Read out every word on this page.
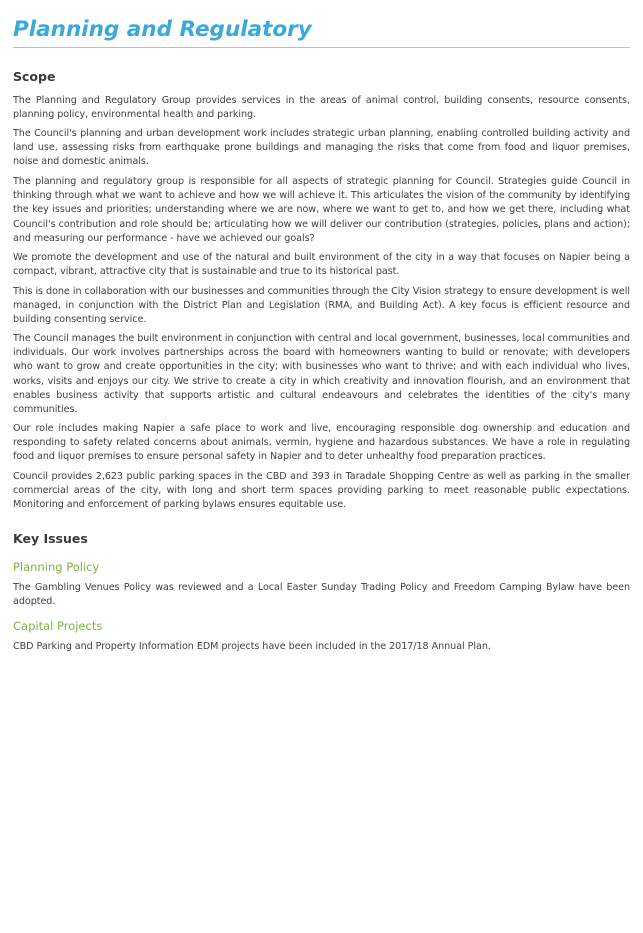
Planning and Regulatory
Scope

The Planning and Regulatory Group provides services in the areas of animal control, building consents, resource consents, planning policy, environmental health and parking.

The Council's planning and urban development work includes strategic urban planning, enabling controlled building activity and land use, assessing risks from earthquake prone buildings and managing the risks that come from food and liquor premises, noise and domestic animals.

The planning and regulatory group is responsible for all aspects of strategic planning for Council. Strategies guide Council in thinking through what we want to achieve and how we will achieve it. This articulates the vision of the community by identifying the key issues and priorities; understanding where we are now, where we want to get to, and how we get there, including what Council's contribution and role should be; articulating how we will deliver our contribution (strategies, policies, plans and action); and measuring our performance - have we achieved our goals?

We promote the development and use of the natural and built environment of the city in a way that focuses on Napier being a compact, vibrant, attractive city that is sustainable and true to its historical past.

This is done in collaboration with our businesses and communities through the City Vision strategy to ensure development is well managed, in conjunction with the District Plan and Legislation (RMA, and Building Act). A key focus is efficient resource and building consenting service.

The Council manages the built environment in conjunction with central and local government, businesses, local communities and individuals. Our work involves partnerships across the board with homeowners wanting to build or renovate; with developers who want to grow and create opportunities in the city; with businesses who want to thrive; and with each individual who lives, works, visits and enjoys our city. We strive to create a city in which creativity and innovation flourish, and an environment that enables business activity that supports artistic and cultural endeavours and celebrates the identities of the city's many communities.

Our role includes making Napier a safe place to work and live, encouraging responsible dog ownership and education and responding to safety related concerns about animals, vermin, hygiene and hazardous substances. We have a role in regulating food and liquor premises to ensure personal safety in Napier and to deter unhealthy food preparation practices.

Council provides 2,623 public parking spaces in the CBD and 393 in Taradale Shopping Centre as well as parking in the smaller commercial areas of the city, with long and short term spaces providing parking to meet reasonable public expectations. Monitoring and enforcement of parking bylaws ensures equitable use.

Key Issues
Planning Policy

The Gambling Venues Policy was reviewed and a Local Easter Sunday Trading Policy and Freedom Camping Bylaw have been adopted.

Capital Projects

CBD Parking and Property Information EDM projects have been included in the 2017/18 Annual Plan.
